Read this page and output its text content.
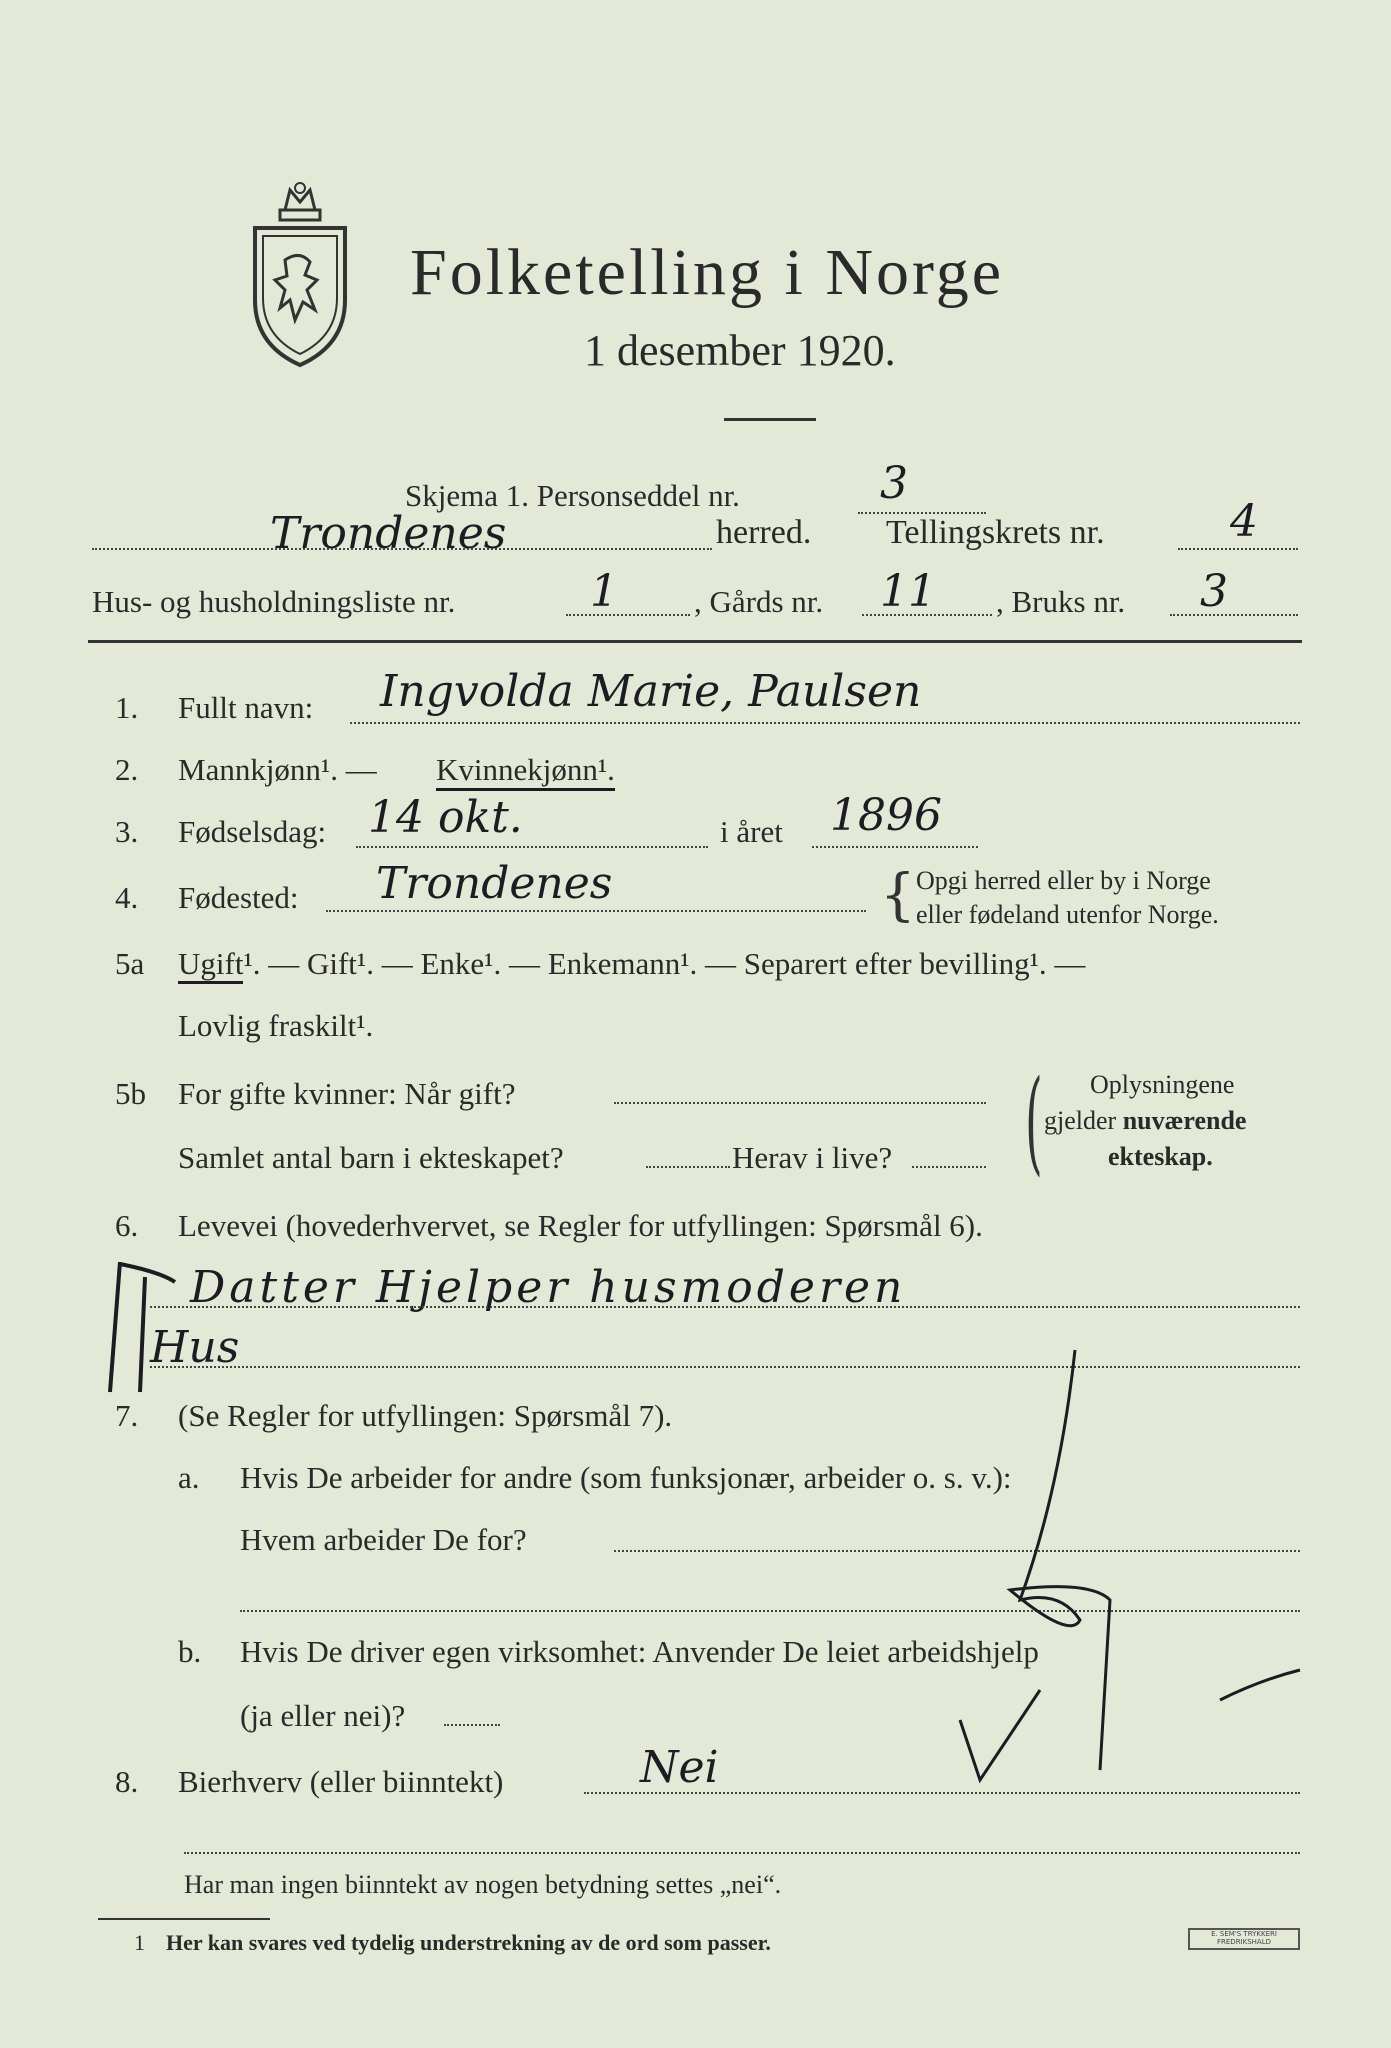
Folketelling i Norge
1 desember 1920.
Skjema 1. Personseddel nr.	3
Trondenes	herred. Tellingskrets nr.	4
Hus- og husholdningsliste nr.	1 , Gårds nr. 11 , Bruks nr. 3
1. Fullt navn: Ingvolda Marie, Paulsen
2. Mannkjønn¹. — Kvinnekjønn¹.
3. Fødselsdag: 14 okt.	i året 1896
4. Fødested: Trondenes	{ Opgi herred eller by i Norge
eller fødeland utenfor Norge.
5a Ugift¹. — Gift¹. — Enke¹. — Enkemann¹. — Separert efter bevilling¹. —
Lovlig fraskilt¹.
5b For gifte kvinner: Når gift?
Samlet antal barn i ekteskapet?	Herav i live? ( Oplysningene
gjelder nuværende
ekteskap.
6. Levevei (hovederhvervet, se Regler for utfyllingen: Spørsmål 6).
Datter Hjelper husmoderen
Hus
7. (Se Regler for utfyllingen: Spørsmål 7).
a. Hvis De arbeider for andre (som funksjonær, arbeider o. s. v.):
Hvem arbeider De for?
b. Hvis De driver egen virksomhet: Anvender De leiet arbeidshjelp
(ja eller nei)?
8. Bierhverv (eller biinntekt)	Nei
Har man ingen biinntekt av nogen betydning settes „nei“.
1 Her kan svares ved tydelig understrekning av de ord som passer.	E. SEM'S TRYKKERI
FREDRIKSHALD
